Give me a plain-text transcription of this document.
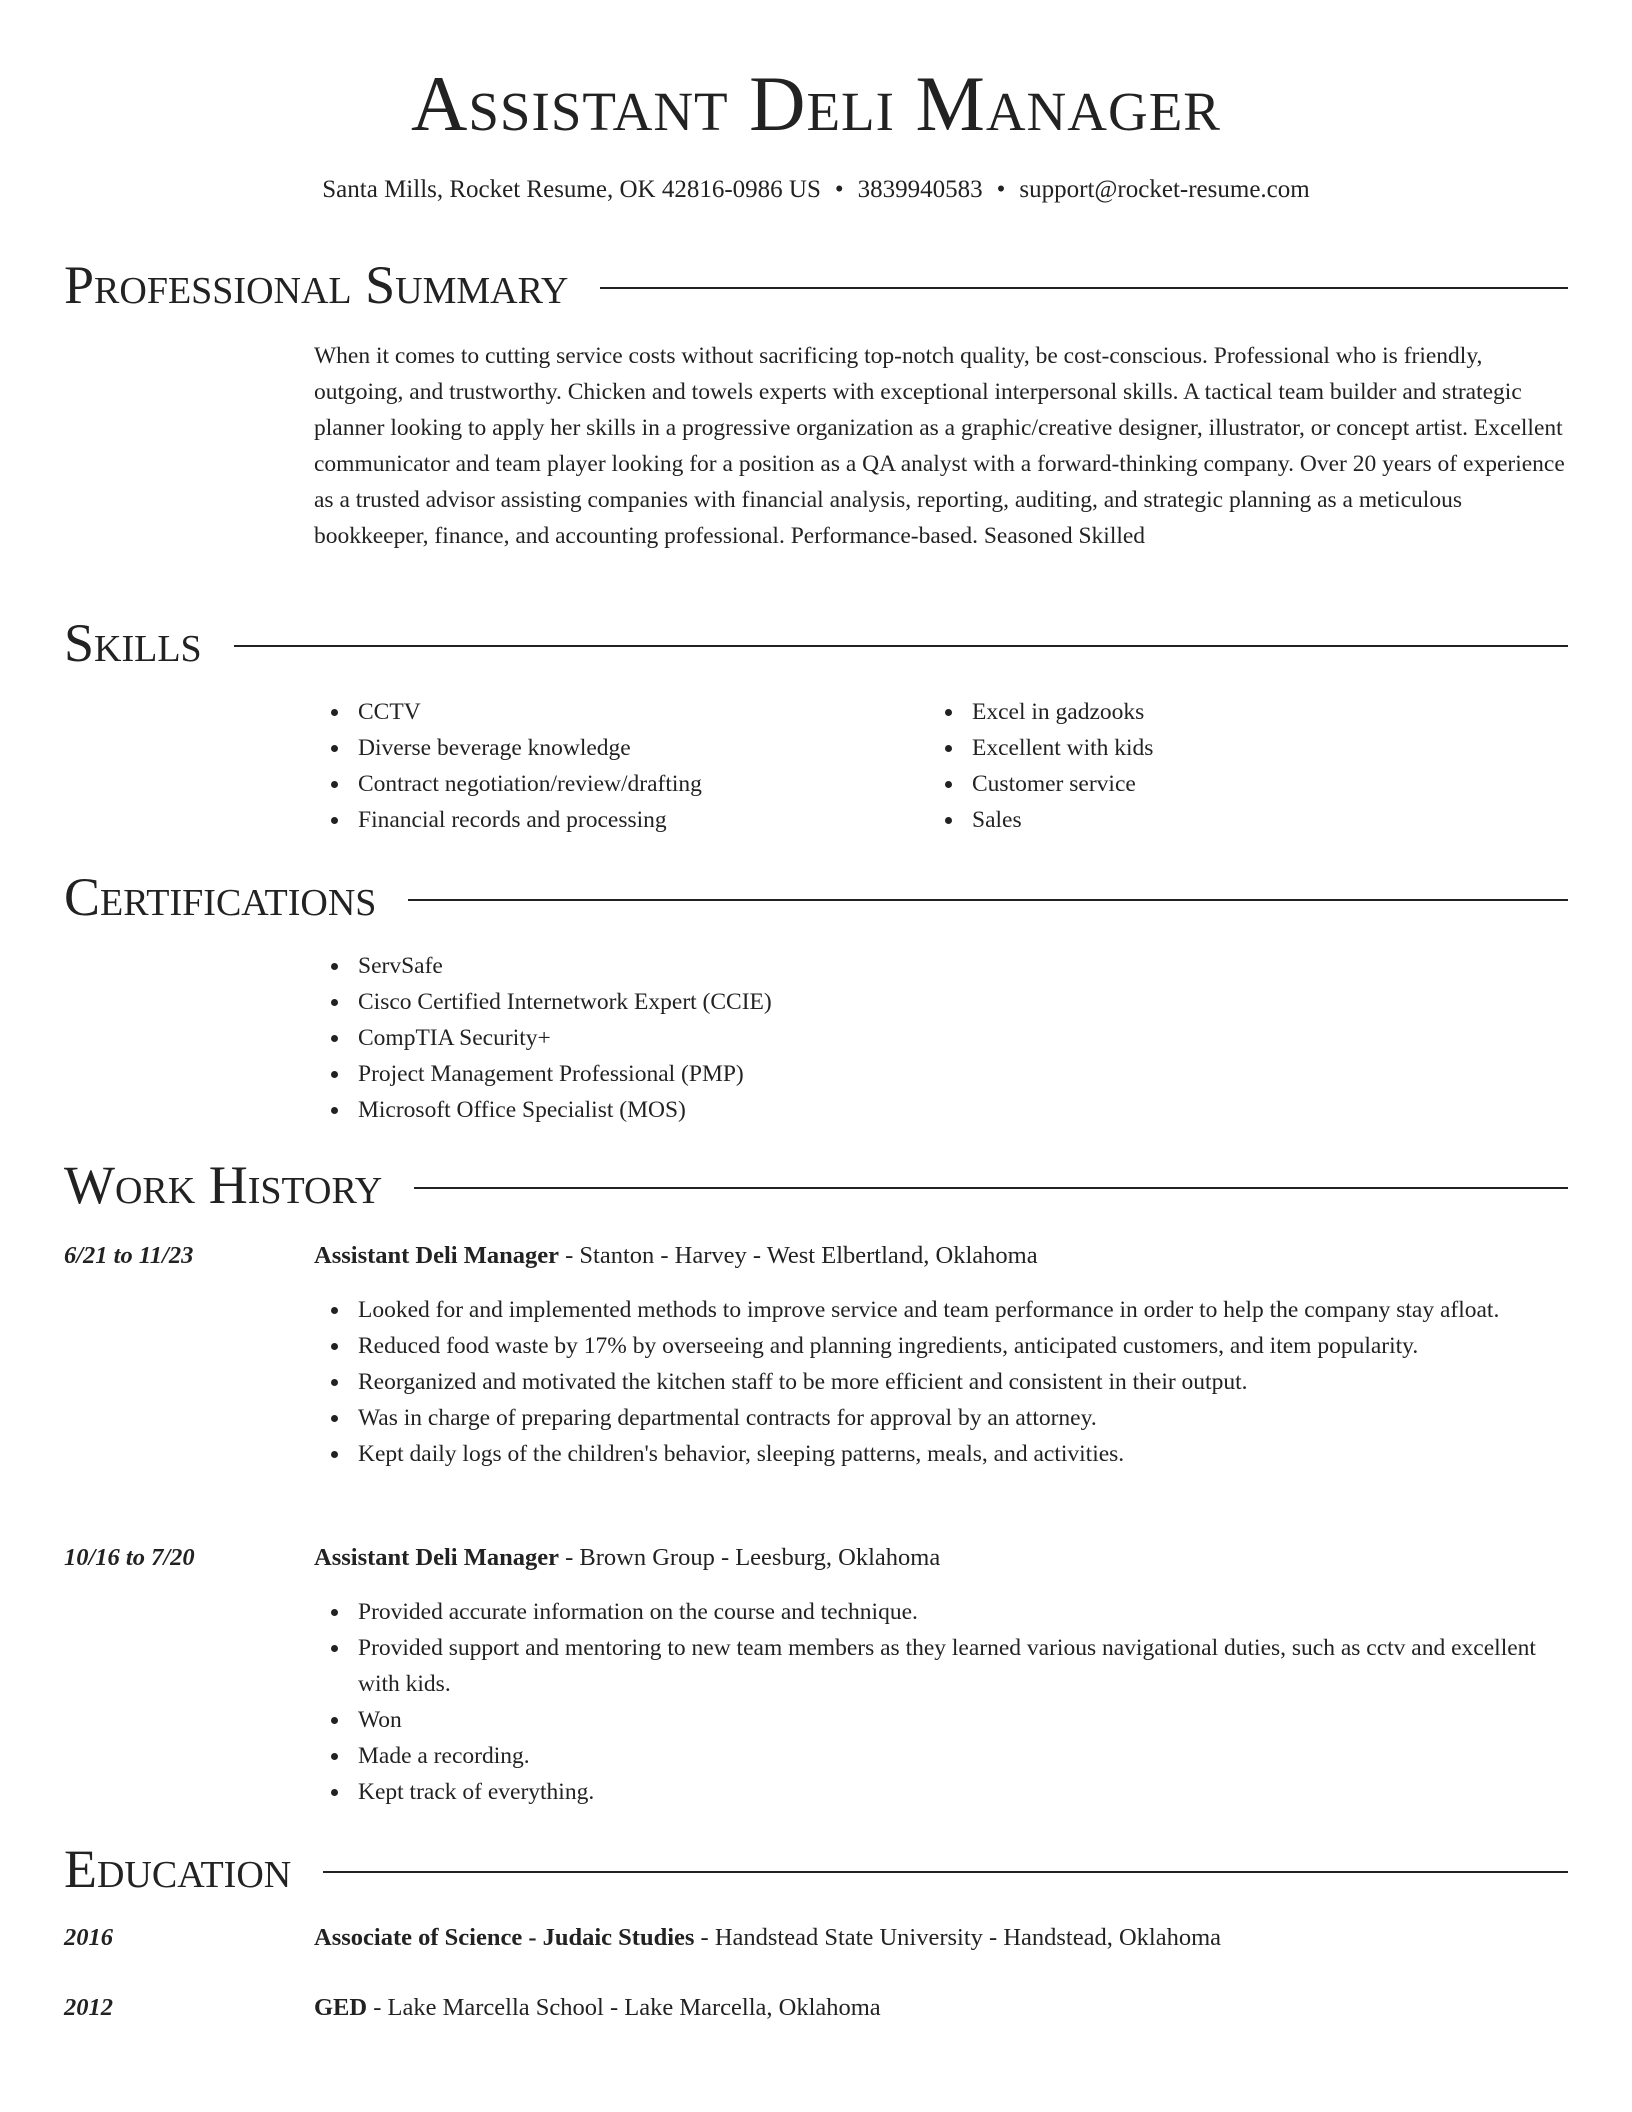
Assistant Deli Manager
Santa Mills, Rocket Resume, OK 42816-0986 US • 3839940583 • support@rocket-resume.com
Professional Summary

When it comes to cutting service costs without sacrificing top-notch quality, be cost-conscious. Professional who is friendly, outgoing, and trustworthy. Chicken and towels experts with exceptional interpersonal skills. A tactical team builder and strategic planner looking to apply her skills in a progressive organization as a graphic/creative designer, illustrator, or concept artist. Excellent communicator and team player looking for a position as a QA analyst with a forward-thinking company. Over 20 years of experience as a trusted advisor assisting companies with financial analysis, reporting, auditing, and strategic planning as a meticulous bookkeeper, finance, and accounting professional. Performance-based. Seasoned Skilled

Skills
CCTV
Diverse beverage knowledge
Contract negotiation/review/drafting
Financial records and processing
Excel in gadzooks
Excellent with kids
Customer service
Sales
Certifications
ServSafe
Cisco Certified Internetwork Expert (CCIE)
CompTIA Security+
Project Management Professional (PMP)
Microsoft Office Specialist (MOS)
Work History
6/21 to 11/23	Assistant Deli Manager - Stanton - Harvey - West Elbertland, Oklahoma
Looked for and implemented methods to improve service and team performance in order to help the company stay afloat.
Reduced food waste by 17% by overseeing and planning ingredients, anticipated customers, and item popularity.
Reorganized and motivated the kitchen staff to be more efficient and consistent in their output.
Was in charge of preparing departmental contracts for approval by an attorney.
Kept daily logs of the children's behavior, sleeping patterns, meals, and activities.
10/16 to 7/20	Assistant Deli Manager - Brown Group - Leesburg, Oklahoma
Provided accurate information on the course and technique.
Provided support and mentoring to new team members as they learned various navigational duties, such as cctv and excellent with kids.
Won
Made a recording.
Kept track of everything.
Education
2016	Associate of Science - Judaic Studies - Handstead State University - Handstead, Oklahoma
2012	GED - Lake Marcella School - Lake Marcella, Oklahoma
